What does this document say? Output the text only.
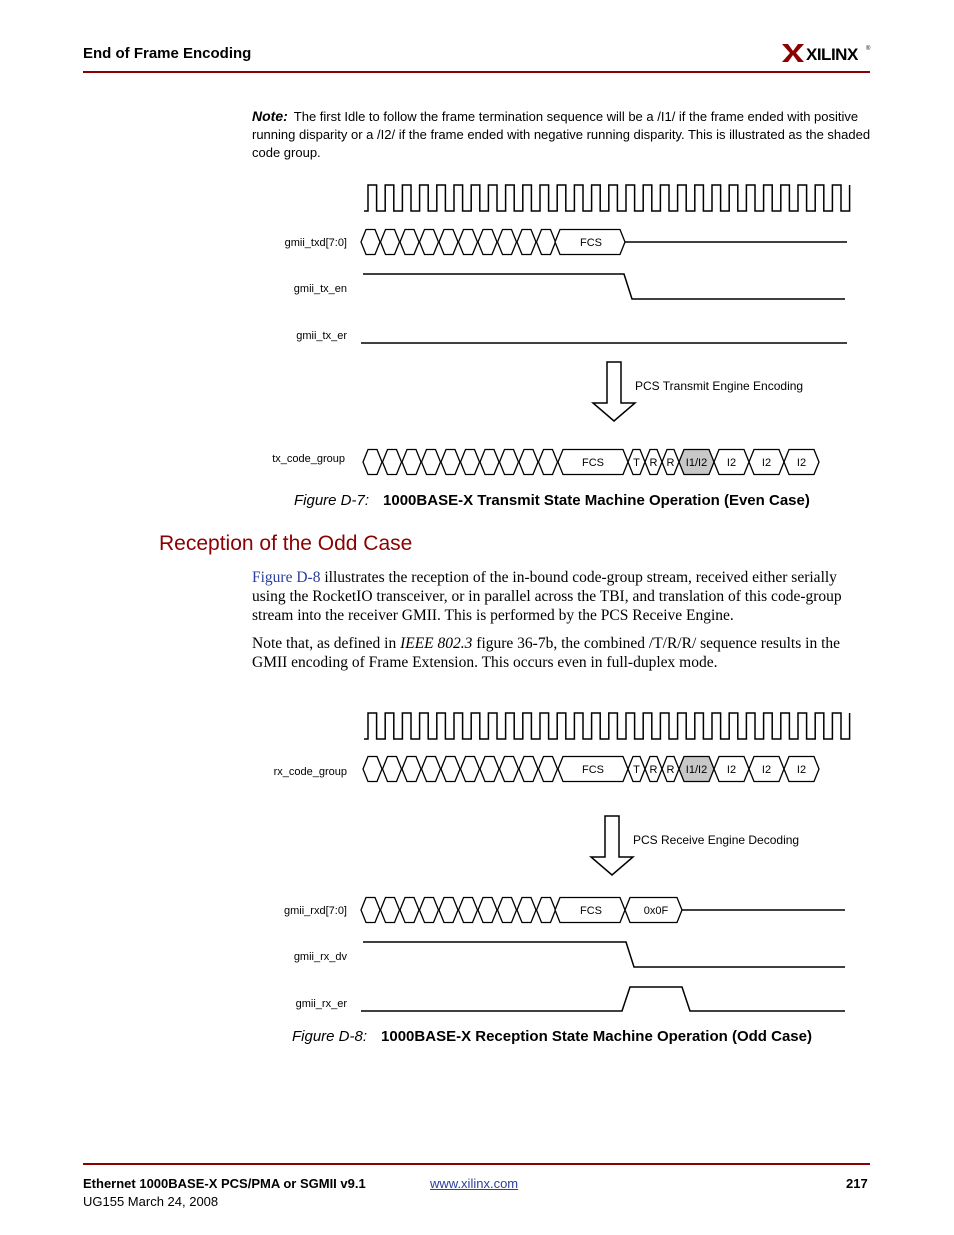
End of Frame Encoding	XILINX ®
Note: The first Idle to follow the frame termination sequence will be a /I1/ if the frame ended with positive running disparity or a /I2/ if the frame ended with negative running disparity. This is illustrated as the shaded code group.
gmii_txd[7:0]	FCS
gmii_tx_en
gmii_tx_er
PCS Transmit Engine Encoding
tx_code_group	FCS	T R R I1/I2 I2 I2 I2
Figure D-7: 1000BASE-X Transmit State Machine Operation (Even Case)
Reception of the Odd Case
Figure D-8 illustrates the reception of the in-bound code-group stream, received either serially using the RocketIO transceiver, or in parallel across the TBI, and translation of this code-group stream into the receiver GMII. This is performed by the PCS Receive Engine.
Note that, as defined in IEEE 802.3 figure 36-7b, the combined /T/R/R/ sequence results in the GMII encoding of Frame Extension. This occurs even in full-duplex mode.
rx_code_group	FCS	T R R I1/I2 I2 I2 I2
PCS Receive Engine Decoding
gmii_rxd[7:0]	FCS	0x0F
gmii_rx_dv
gmii_rx_er
Figure D-8: 1000BASE-X Reception State Machine Operation (Odd Case)
Ethernet 1000BASE-X PCS/PMA or SGMII v9.1
UG155 March 24, 2008
www.xilinx.com	217
